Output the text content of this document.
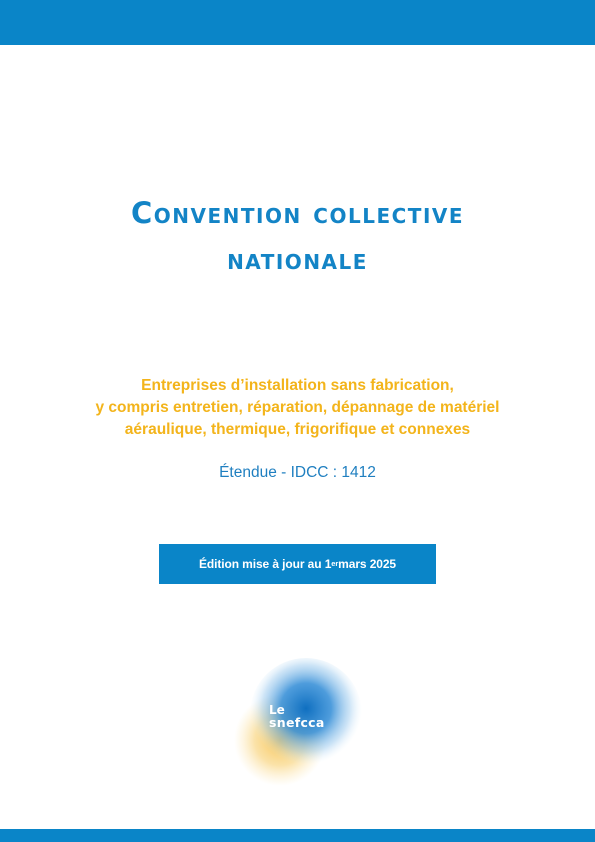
Convention collective
nationale
Entreprises d’installation sans fabrication,
y compris entretien, réparation, dépannage de matériel
aéraulique, thermique, frigorifique et connexes
Étendue - IDCC : 1412
Édition mise à jour au 1 er mars 2025
Le
snefcca
